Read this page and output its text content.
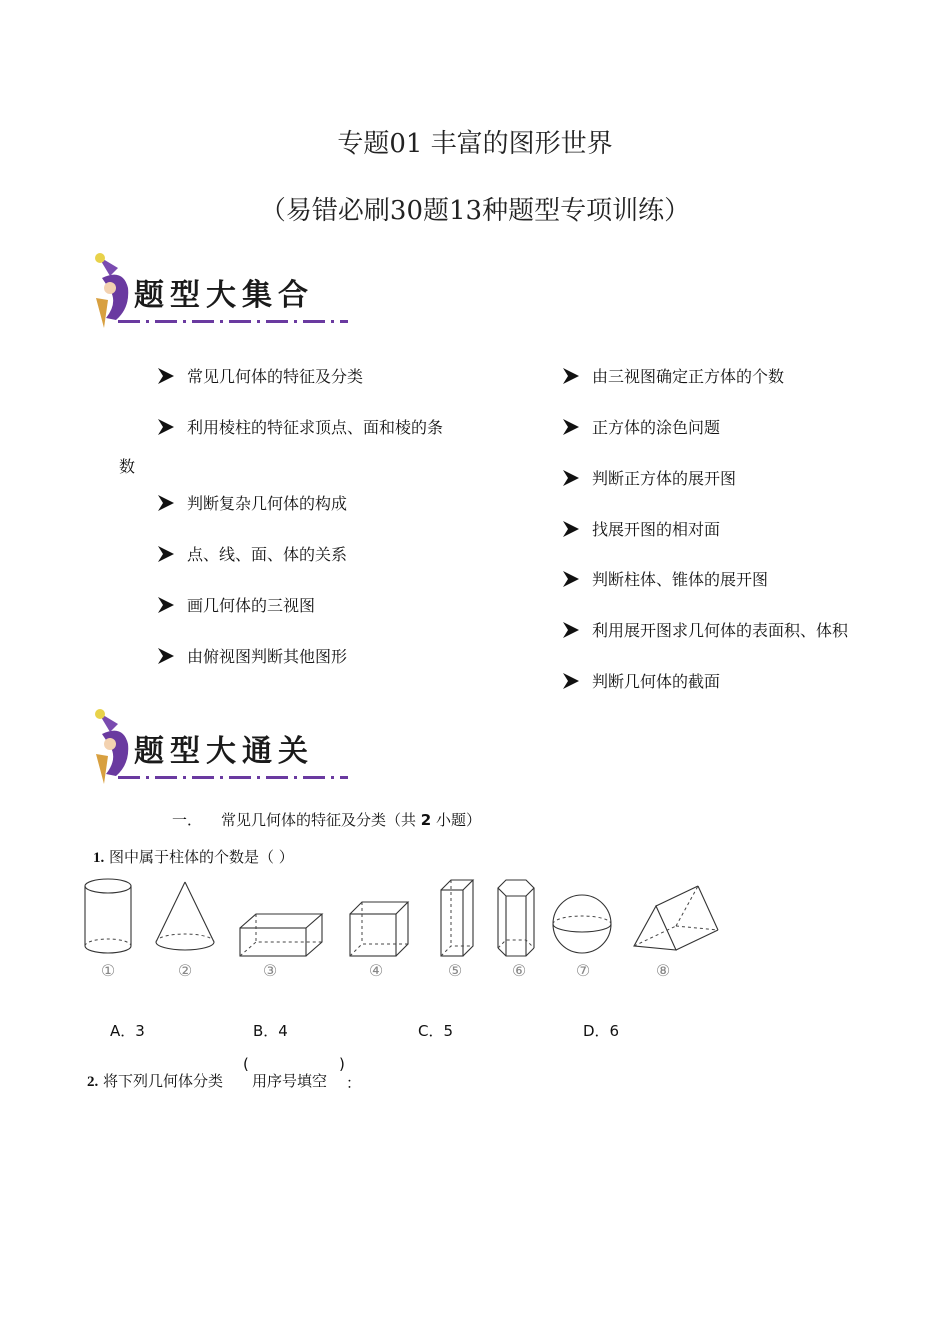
专题01 丰富的图形世界
（易错必刷30题13种题型专项训练）
题型大集合
常见几何体的特征及分类
利用棱柱的特征求顶点、面和棱的条
数
判断复杂几何体的构成
点、线、面、体的关系
画几何体的三视图
由俯视图判断其他图形
由三视图确定正方体的个数
正方体的涂色问题
判断正方体的展开图
找展开图的相对面
判断柱体、锥体的展开图
利用展开图求几何体的表面积、体积
判断几何体的截面
题型大通关
一． 常见几何体的特征及分类（共 2 小题）
1. 图中属于柱体的个数是（ ）
①	②	③	④	⑤	⑥	⑦	⑧
A．3	B．4	C．5	D．6
2. 将下列几何体分类
(
用序号填空
)
：
